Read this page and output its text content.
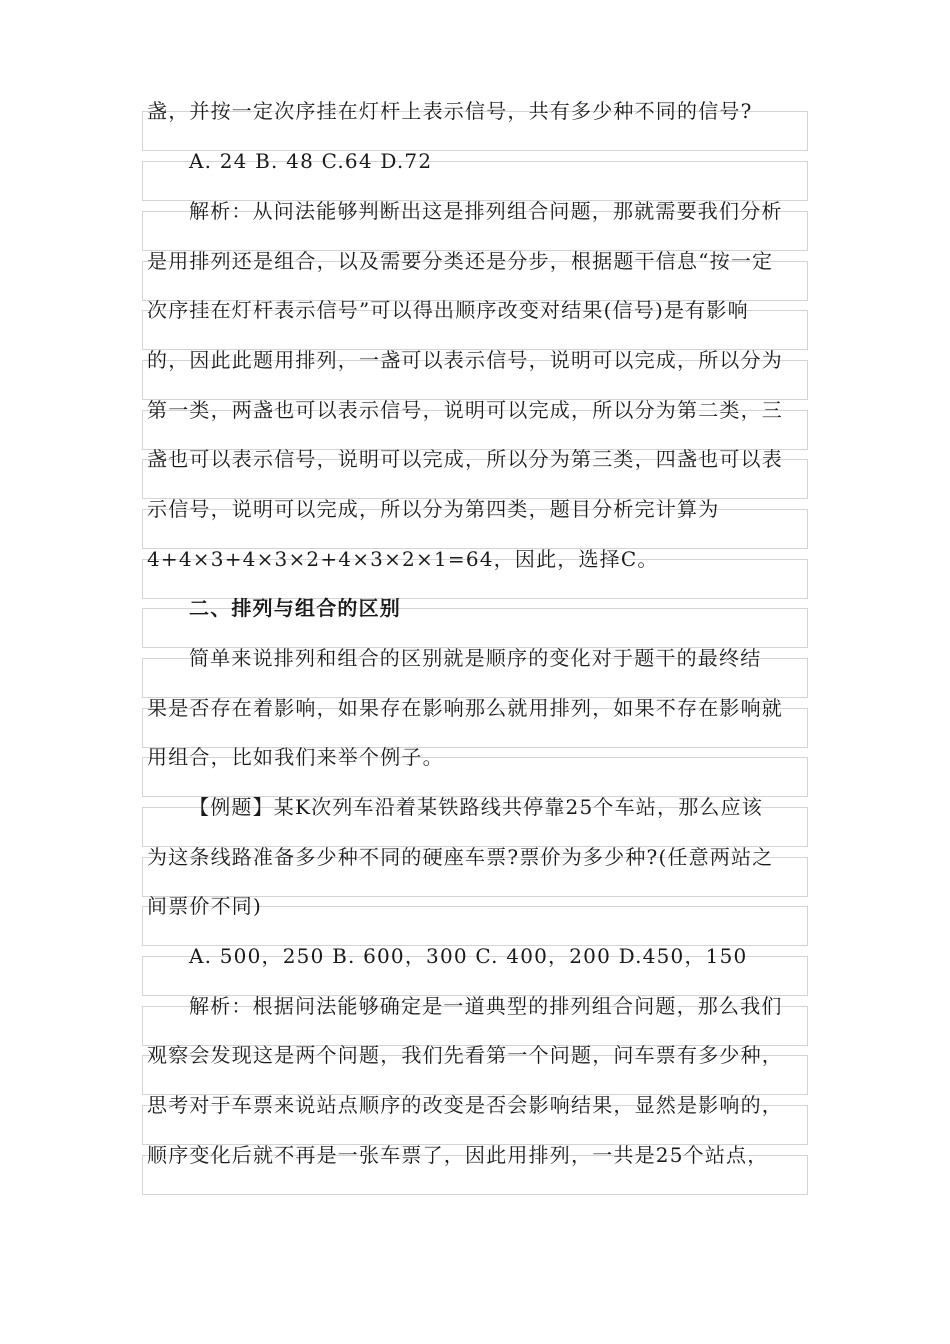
盏，并按一定次序挂在灯杆上表示信号，共有多少种不同的信号?
A. 24 B. 48 C.64 D.72
解析：从问法能够判断出这是排列组合问题，那就需要我们分析
是用排列还是组合，以及需要分类还是分步，根据题干信息“按一定
次序挂在灯杆表示信号”可以得出顺序改变对结果(信号)是有影响
的，因此此题用排列，一盏可以表示信号，说明可以完成，所以分为
第一类，两盏也可以表示信号，说明可以完成，所以分为第二类，三
盏也可以表示信号，说明可以完成，所以分为第三类，四盏也可以表
示信号，说明可以完成，所以分为第四类，题目分析完计算为
4+4×3+4×3×2+4×3×2×1=64，因此，选择C。
二、排列与组合的区别
简单来说排列和组合的区别就是顺序的变化对于题干的最终结
果是否存在着影响，如果存在影响那么就用排列，如果不存在影响就
用组合，比如我们来举个例子。
【例题】某K次列车沿着某铁路线共停靠25个车站，那么应该
为这条线路准备多少种不同的硬座车票?票价为多少种?(任意两站之
间票价不同)
A. 500，250 B. 600，300 C. 400，200 D.450，150
解析：根据问法能够确定是一道典型的排列组合问题，那么我们
观察会发现这是两个问题，我们先看第一个问题，问车票有多少种，
思考对于车票来说站点顺序的改变是否会影响结果，显然是影响的，
顺序变化后就不再是一张车票了，因此用排列，一共是25个站点，
